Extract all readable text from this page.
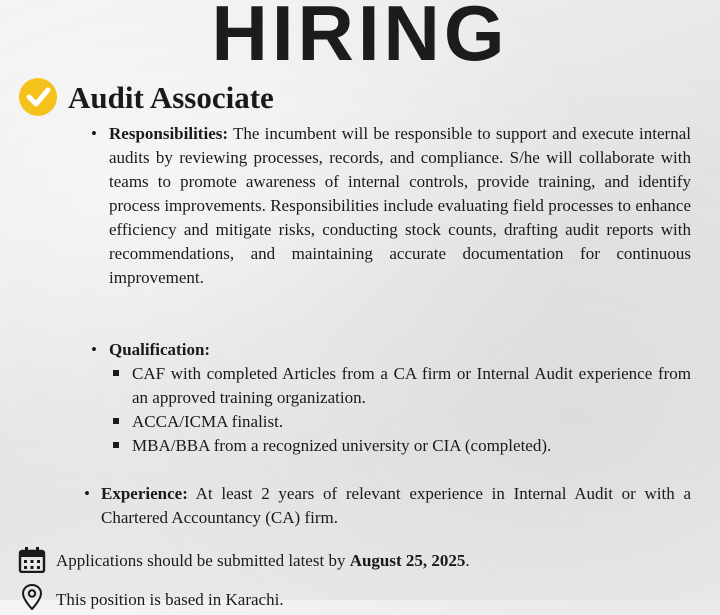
HIRING
Audit Associate
• Responsibilities: The incumbent will be responsible to support and execute internal audits by reviewing processes, records, and compliance. S/he will collaborate with teams to promote awareness of internal controls, provide training, and identify process improvements. Responsibilities include evaluating field processes to enhance efficiency and mitigate risks, conducting stock counts, drafting audit reports with recommendations, and maintaining accurate documentation for continuous improvement.
• Qualification:
CAF with completed Articles from a CA firm or Internal Audit experience from an approved training organization.
ACCA/ICMA finalist.
MBA/BBA from a recognized university or CIA (completed).
• Experience: At least 2 years of relevant experience in Internal Audit or with a Chartered Accountancy (CA) firm.
Applications should be submitted latest by August 25, 2025.
This position is based in Karachi.
